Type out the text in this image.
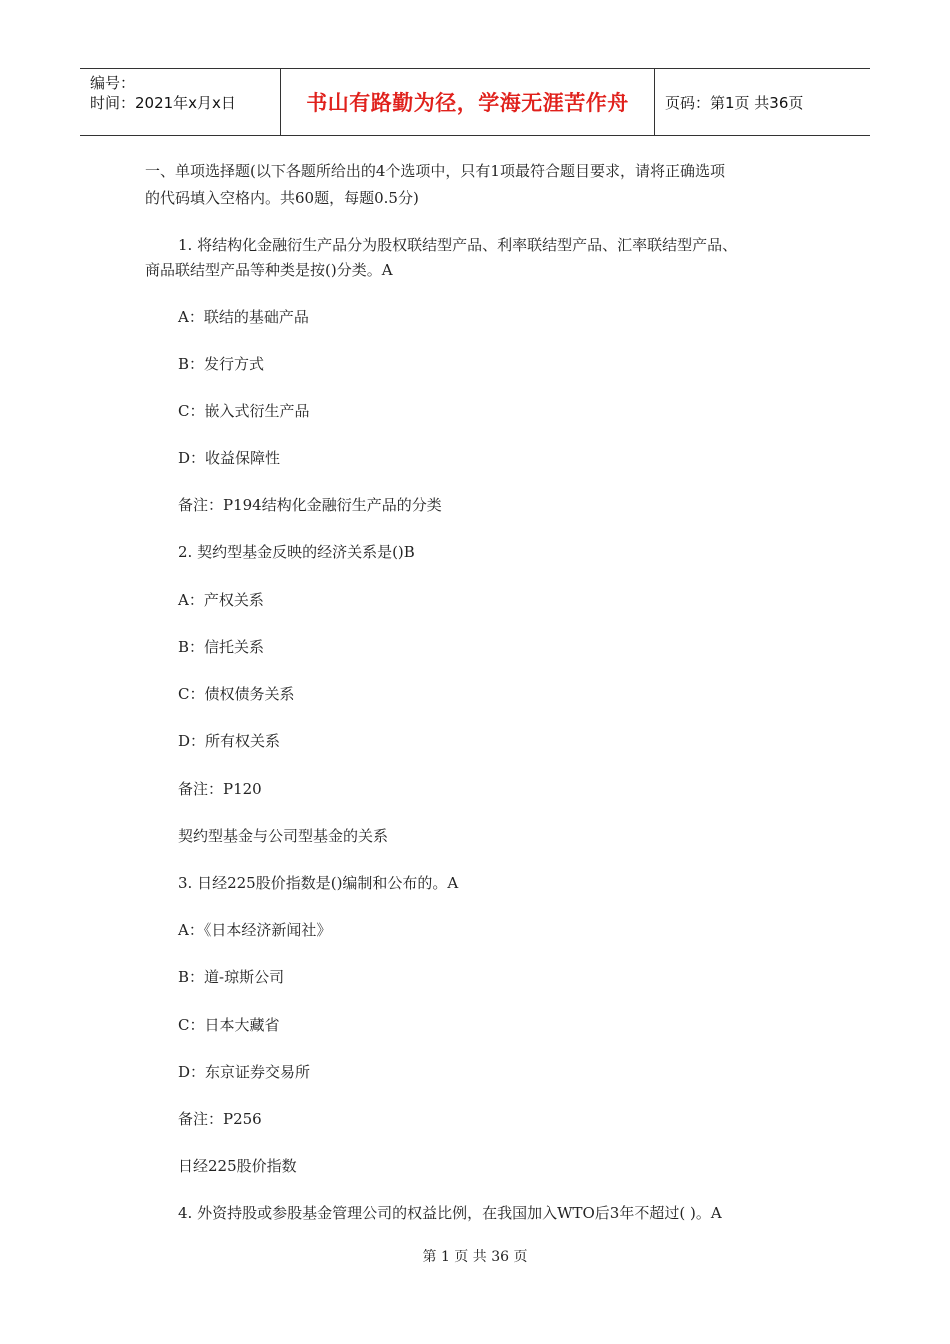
编号：
时间：2021年x月x日	书山有路勤为径，学海无涯苦作舟	页码：第1页 共36页
一、单项选择题(以下各题所给出的4个选项中，只有1项最符合题目要求，请将正确选项
的代码填入空格内。共60题，每题0.5分)
1. 将结构化金融衍生产品分为股权联结型产品、利率联结型产品、汇率联结型产品、
商品联结型产品等种类是按()分类。A
A：联结的基础产品
B：发行方式
C：嵌入式衍生产品
D：收益保障性
备注：P194结构化金融衍生产品的分类
2. 契约型基金反映的经济关系是()B
A：产权关系
B：信托关系
C：债权债务关系
D：所有权关系
备注：P120
契约型基金与公司型基金的关系
3. 日经225股价指数是()编制和公布的。A
A：《日本经济新闻社》
B：道-琼斯公司
C：日本大藏省
D：东京证券交易所
备注：P256
日经225股价指数
4. 外资持股或参股基金管理公司的权益比例，在我国加入WTO后3年不超过( )。A
第 1 页 共 36 页
